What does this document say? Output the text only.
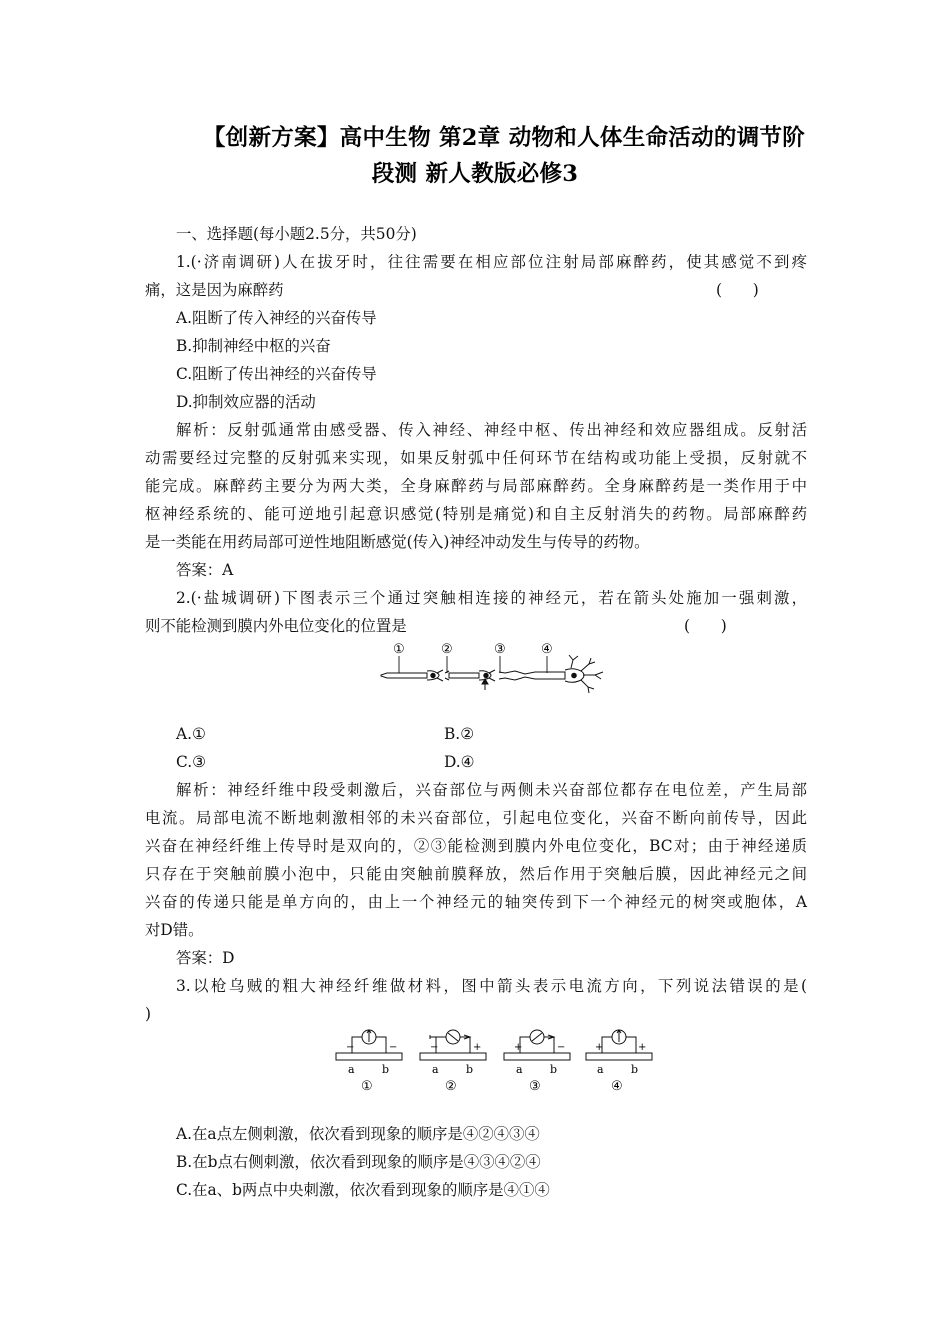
【创新方案】高中生物 第2章 动物和人体生命活动的调节阶
段测 新人教版必修3
一、选择题(每小题2.5分，共50分)
1.(·济南调研)人在拔牙时，往往需要在相应部位注射局部麻醉药，使其感觉不到疼
痛，这是因为麻醉药	(　　)
A.阻断了传入神经的兴奋传导
B.抑制神经中枢的兴奋
C.阻断了传出神经的兴奋传导
D.抑制效应器的活动
解析：反射弧通常由感受器、传入神经、神经中枢、传出神经和效应器组成。反射活
动需要经过完整的反射弧来实现，如果反射弧中任何环节在结构或功能上受损，反射就不
能完成。麻醉药主要分为两大类，全身麻醉药与局部麻醉药。全身麻醉药是一类作用于中
枢神经系统的、能可逆地引起意识感觉(特别是痛觉)和自主反射消失的药物。局部麻醉药
是一类能在用药局部可逆性地阻断感觉(传入)神经冲动发生与传导的药物。
答案：A
2.(·盐城调研)下图表示三个通过突触相连接的神经元，若在箭头处施加一强刺激，
则不能检测到膜内外电位变化的位置是	(　　)
①	②	③	④
A.①	B.②
C.③	D.④
解析：神经纤维中段受刺激后，兴奋部位与两侧未兴奋部位都存在电位差，产生局部
电流。局部电流不断地刺激相邻的未兴奋部位，引起电位变化，兴奋不断向前传导，因此
兴奋在神经纤维上传导时是双向的，②③能检测到膜内外电位变化，BC对；由于神经递质
只存在于突触前膜小泡中，只能由突触前膜释放，然后作用于突触后膜，因此神经元之间
兴奋的传递只能是单方向的，由上一个神经元的轴突传到下一个神经元的树突或胞体，A
对D错。
答案：D
3.以枪乌贼的粗大神经纤维做材料，图中箭头表示电流方向，下列说法错误的是(
)
−	−
a b
①
−	+
a b
②
+	−
a b
③
+	+
a b
④
A.在a点左侧刺激，依次看到现象的顺序是④②④③④
B.在b点右侧刺激，依次看到现象的顺序是④③④②④
C.在a、b两点中央刺激，依次看到现象的顺序是④①④
